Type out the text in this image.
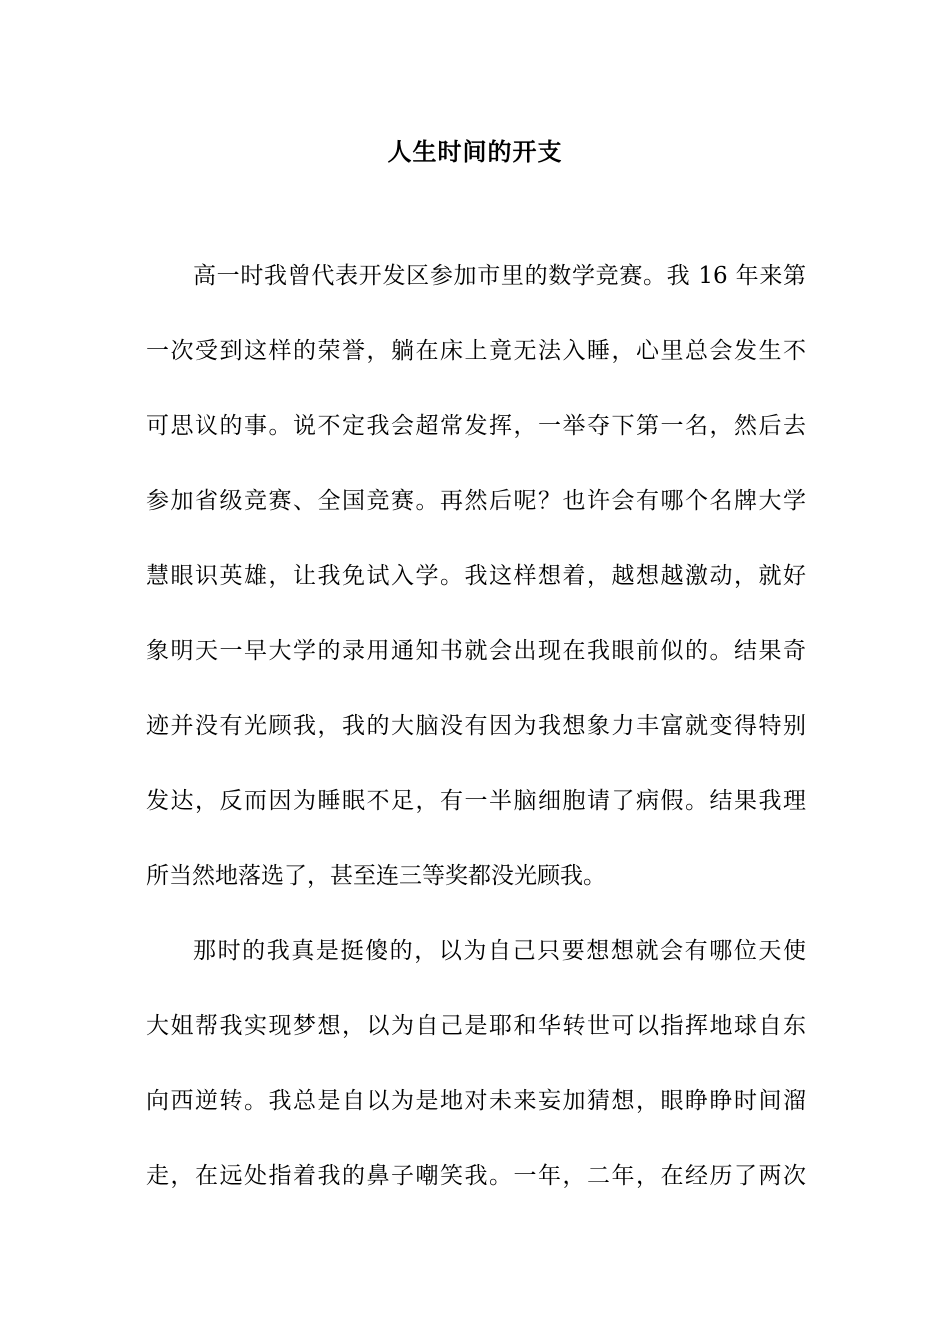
人生时间的开支
高一时我曾代表开发区参加市里的数学竞赛。我 16 年来第
一次受到这样的荣誉，躺在床上竟无法入睡，心里总会发生不
可思议的事。说不定我会超常发挥，一举夺下第一名，然后去
参加省级竞赛、全国竞赛。再然后呢？也许会有哪个名牌大学
慧眼识英雄，让我免试入学。我这样想着，越想越激动，就好
象明天一早大学的录用通知书就会出现在我眼前似的。结果奇
迹并没有光顾我，我的大脑没有因为我想象力丰富就变得特别
发达，反而因为睡眠不足，有一半脑细胞请了病假。结果我理
所当然地落选了，甚至连三等奖都没光顾我。
那时的我真是挺傻的，以为自己只要想想就会有哪位天使
大姐帮我实现梦想，以为自己是耶和华转世可以指挥地球自东
向西逆转。我总是自以为是地对未来妄加猜想，眼睁睁时间溜
走，在远处指着我的鼻子嘲笑我。一年，二年，在经历了两次
